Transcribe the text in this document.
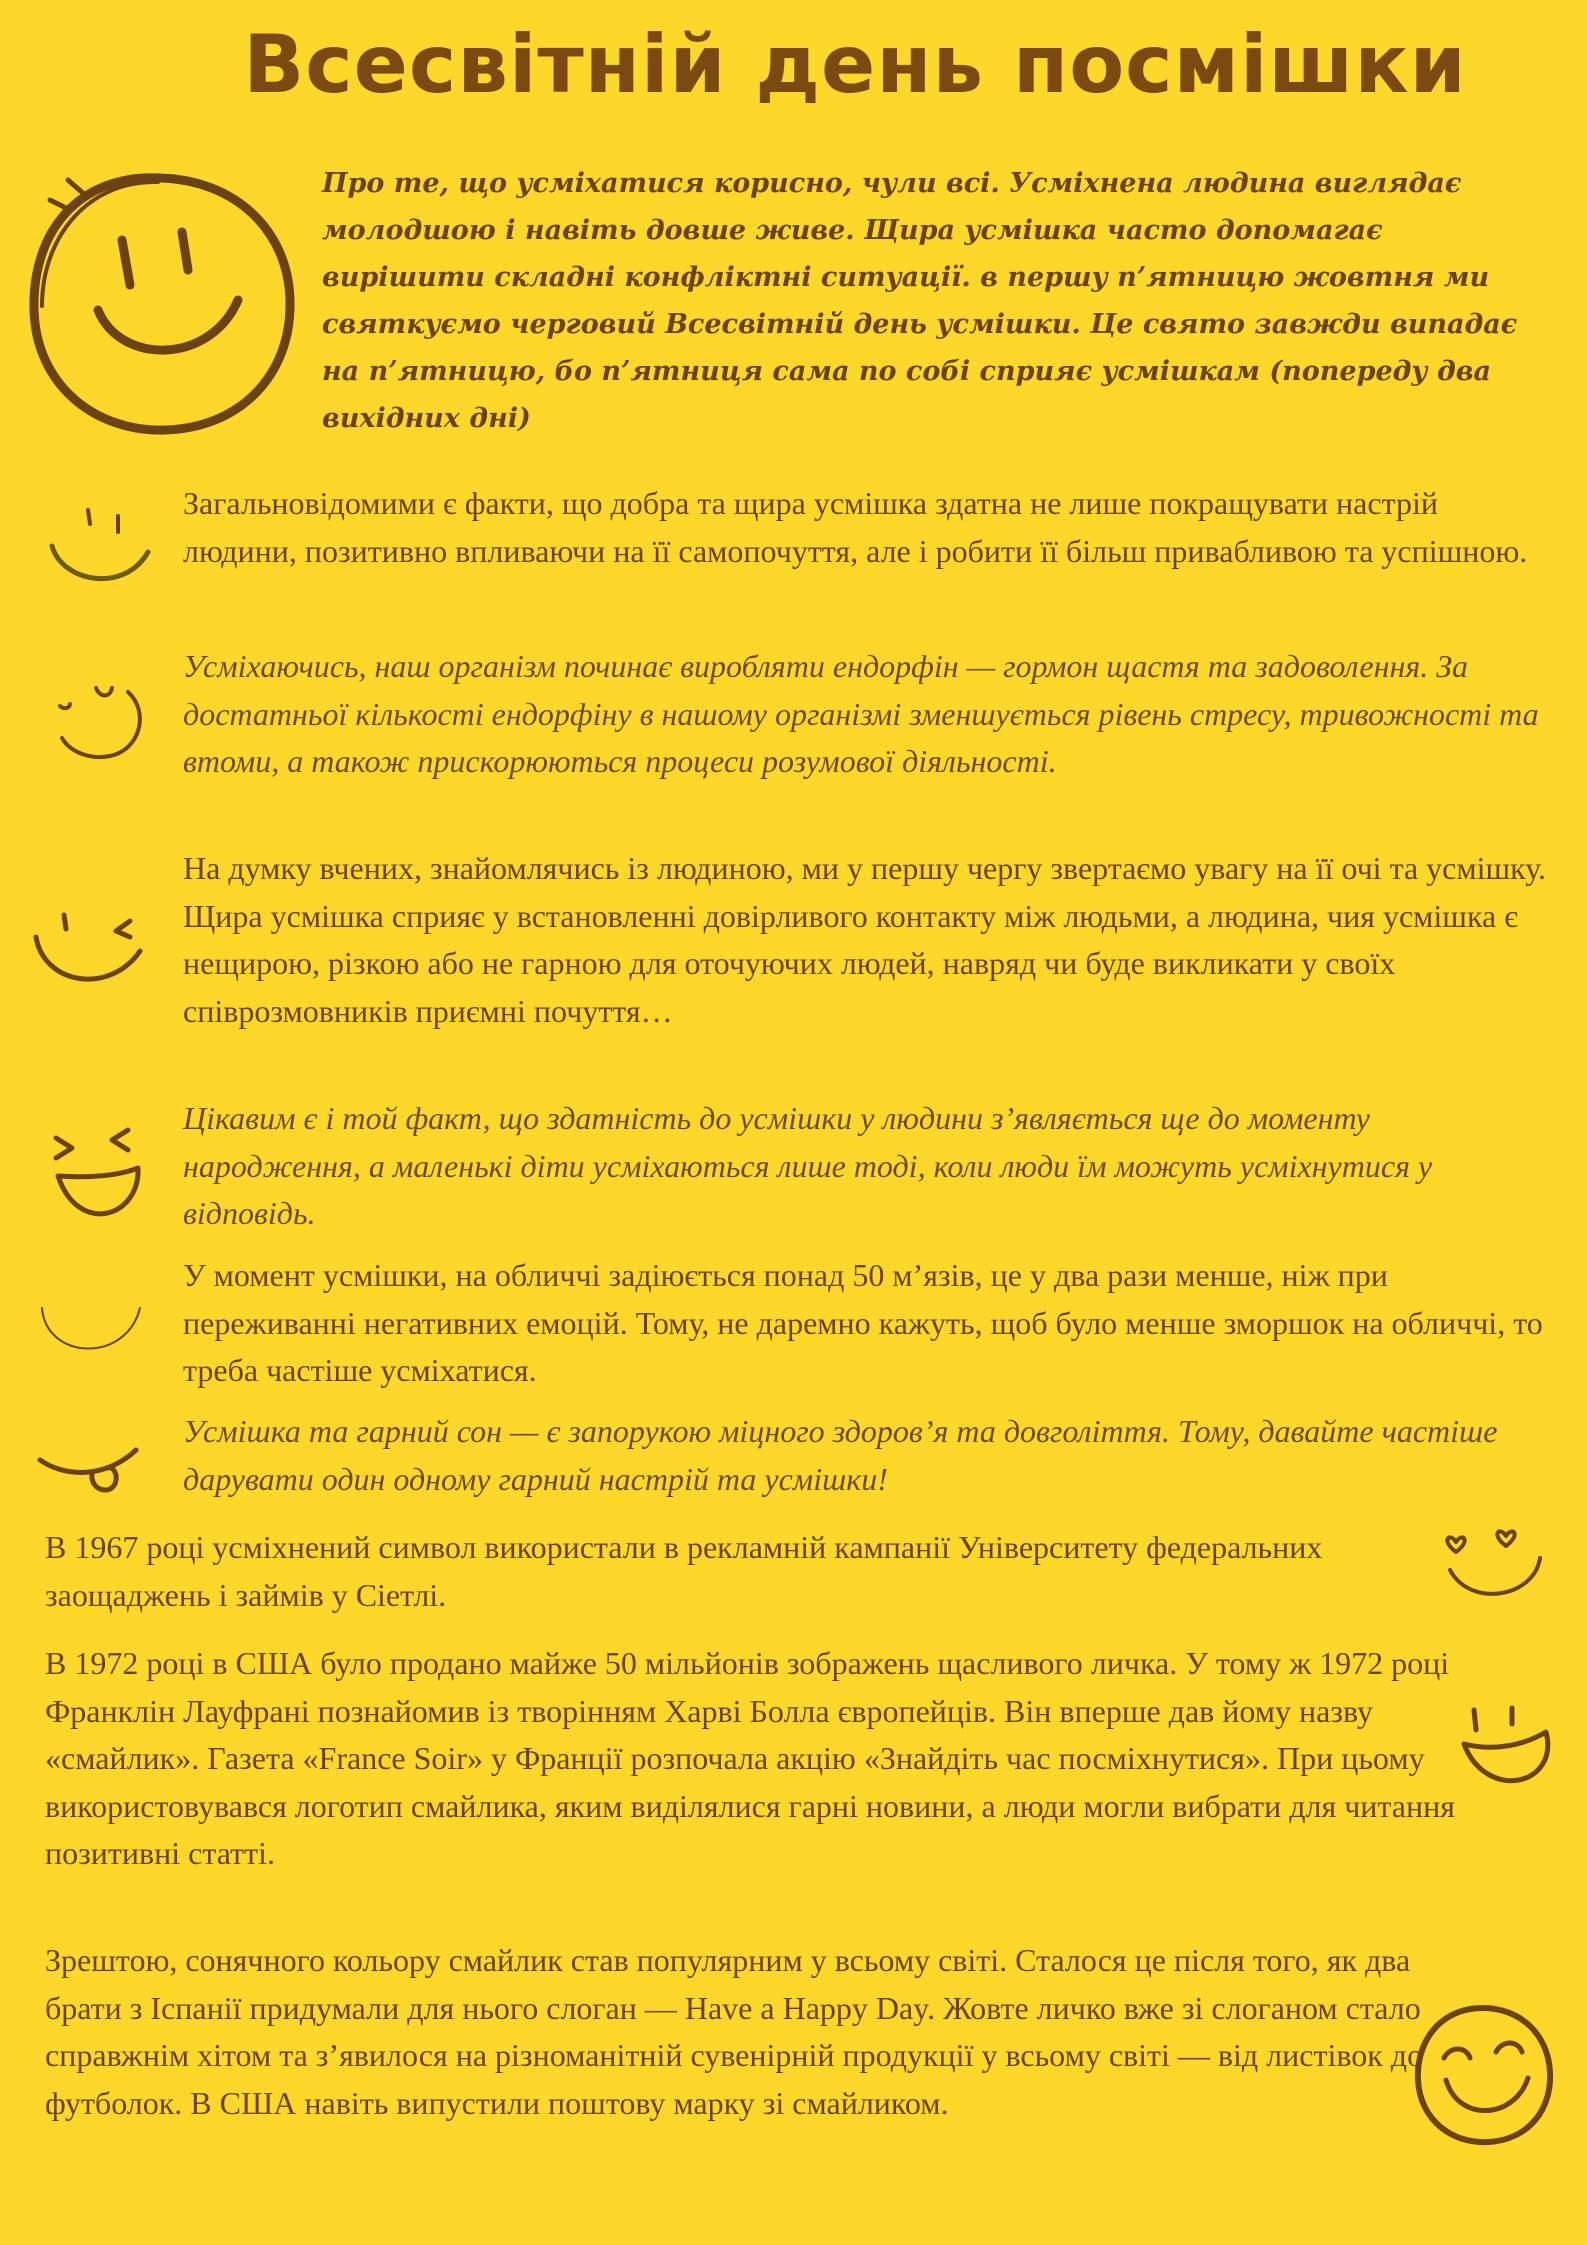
Всесвітній день посмішки

Про те, що усміхатися корисно, чули всі. Усміхнена людина виглядає молодшою і навіть довше живе. Щира усмішка часто допомагає вирішити складні конфліктні ситуації. в першу п’ятницю жовтня ми святкуємо черговий Всесвітній день усмішки. Це свято завжди випадає на п’ятницю, бо п’ятниця сама по собі сприяє усмішкам (попереду два вихідних дні)

Загальновідомими є факти, що добра та щира усмішка здатна не лише покращувати настрій людини, позитивно впливаючи на її самопочуття, але і робити її більш привабливою та успішною.

Усміхаючись, наш організм починає виробляти ендорфін — гормон щастя та задоволення. За достатньої кількості ендорфіну в нашому організмі зменшується рівень стресу, тривожності та втоми, а також прискорюються процеси розумової діяльності.

На думку вчених, знайомлячись із людиною, ми у першу чергу звертаємо увагу на її очі та усмішку. Щира усмішка сприяє у встановленні довірливого контакту між людьми, а людина, чия усмішка є нещирою, різкою або не гарною для оточуючих людей, навряд чи буде викликати у своїх співрозмовників приємні почуття…

Цікавим є і той факт, що здатність до усмішки у людини з’являється ще до моменту народження, а маленькі діти усміхаються лише тоді, коли люди їм можуть усміхнутися у відповідь.

У момент усмішки, на обличчі задіюється понад 50 м’язів, це у два рази менше, ніж при переживанні негативних емоцій. Тому, не даремно кажуть, щоб було менше зморшок на обличчі, то треба частіше усміхатися.

Усмішка та гарний сон — є запорукою міцного здоров’я та довголіття. Тому, давайте частіше дарувати один одному гарний настрій та усмішки!

В 1967 році усміхнений символ використали в рекламній кампанії Університету федеральних заощаджень і займів у Сіетлі.

В 1972 році в США було продано майже 50 мільйонів зображень щасливого личка. У тому ж 1972 році Франклін Лауфрані познайомив із творінням Харві Болла європейців. Він вперше дав йому назву «смайлик». Газета «France Soir» у Франції розпочала акцію «Знайдіть час посміхнутися». При цьому використовувався логотип смайлика, яким виділялися гарні новини, а люди могли вибрати для читання позитивні статті.

Зрештою, сонячного кольору смайлик став популярним у всьому світі. Сталося це після того, як два брати з Іспанії придумали для нього слоган — Have a Happy Day. Жовте личко вже зі слоганом стало справжнім хітом та з’явилося на різноманітній сувенірній продукції у всьому світі — від листівок до футболок. В США навіть випустили поштову марку зі смайликом.
